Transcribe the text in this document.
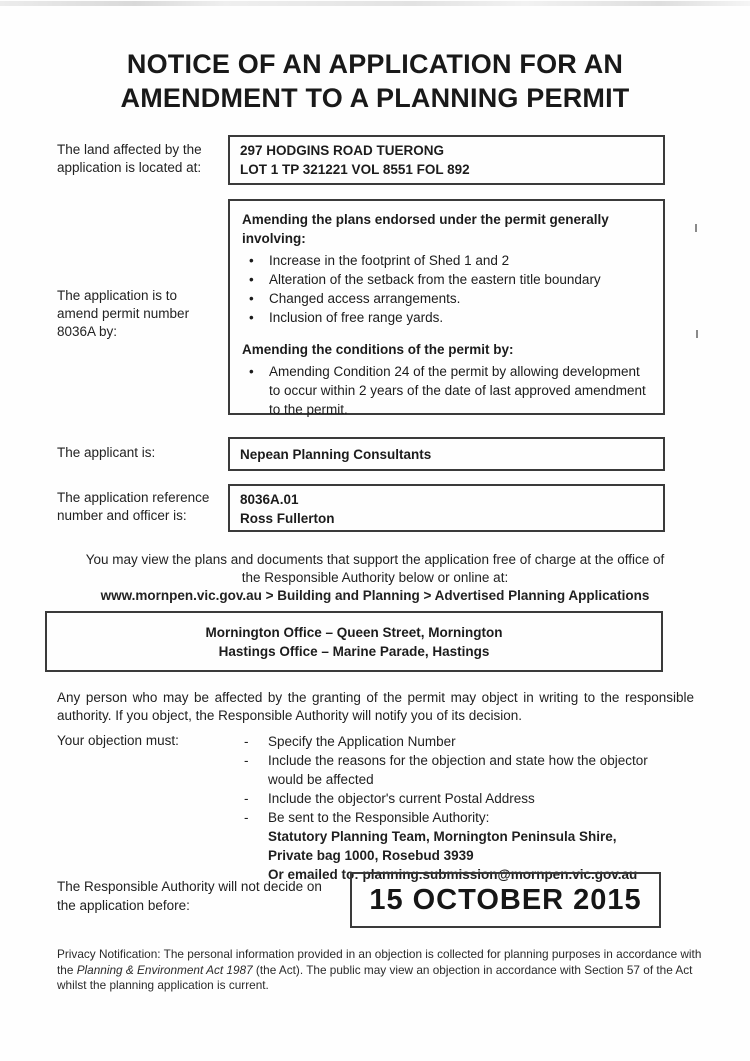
NOTICE OF AN APPLICATION FOR AN
AMENDMENT TO A PLANNING PERMIT
The land affected by the application is located at:
297 HODGINS ROAD TUERONG
LOT 1 TP 321221 VOL 8551 FOL 892
The application is to amend permit number 8036A by:
Amending the plans endorsed under the permit generally involving:
•	Increase in the footprint of Shed 1 and 2
•	Alteration of the setback from the eastern title boundary
•	Changed access arrangements.
•	Inclusion of free range yards.
Amending the conditions of the permit by:
•	Amending Condition 24 of the permit by allowing development to occur within 2 years of the date of last approved amendment to the permit.
The applicant is:	Nepean Planning Consultants
The application reference number and officer is:
8036A.01
Ross Fullerton
You may view the plans and documents that support the application free of charge at the office of
the Responsible Authority below or online at:
www.mornpen.vic.gov.au > Building and Planning > Advertised Planning Applications
Mornington Office – Queen Street, Mornington
Hastings Office – Marine Parade, Hastings
Any person who may be affected by the granting of the permit may object in writing to the responsible authority. If you object, the Responsible Authority will notify you of its decision.
Your objection must:	-	Specify the Application Number
-	Include the reasons for the objection and state how the objector would be affected
-	Include the objector's current Postal Address
-	Be sent to the Responsible Authority:
Statutory Planning Team, Mornington Peninsula Shire,
Private bag 1000, Rosebud 3939
Or emailed to: planning.submission@mornpen.vic.gov.au
The Responsible Authority will not decide on the application before:	15 OCTOBER 2015
Privacy Notification: The personal information provided in an objection is collected for planning purposes in accordance with the Planning & Environment Act 1987 (the Act). The public may view an objection in accordance with Section 57 of the Act whilst the planning application is current.
